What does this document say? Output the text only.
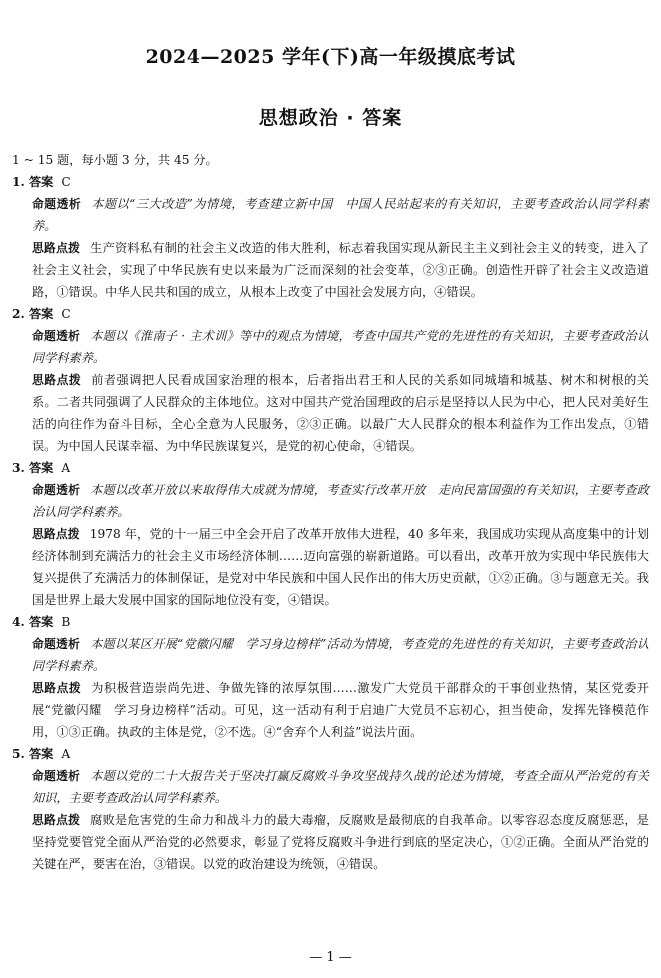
2024—2025 学年(下)高一年级摸底考试
思想政治 · 答案

1 ~ 15 题，每小题 3 分，共 45 分。

1. 答案 C

命题透析 本题以“三大改造”为情境，考查建立新中国　中国人民站起来的有关知识，主要考查政治认同学科素养。

思路点拨 生产资料私有制的社会主义改造的伟大胜利，标志着我国实现从新民主主义到社会主义的转变，进入了社会主义社会，实现了中华民族有史以来最为广泛而深刻的社会变革，②③正确。创造性开辟了社会主义改造道路，①错误。中华人民共和国的成立，从根本上改变了中国社会发展方向，④错误。

2. 答案 C

命题透析 本题以《淮南子 · 主术训》等中的观点为情境，考查中国共产党的先进性的有关知识，主要考查政治认同学科素养。

思路点拨 前者强调把人民看成国家治理的根本，后者指出君王和人民的关系如同城墙和城基、树木和树根的关系。二者共同强调了人民群众的主体地位。这对中国共产党治国理政的启示是坚持以人民为中心，把人民对美好生活的向往作为奋斗目标，全心全意为人民服务，②③正确。以最广大人民群众的根本利益作为工作出发点，①错误。为中国人民谋幸福、为中华民族谋复兴，是党的初心使命，④错误。

3. 答案 A

命题透析 本题以改革开放以来取得伟大成就为情境，考查实行改革开放　走向民富国强的有关知识，主要考查政治认同学科素养。

思路点拨 1978 年，党的十一届三中全会开启了改革开放伟大进程，40 多年来，我国成功实现从高度集中的计划经济体制到充满活力的社会主义市场经济体制……迈向富强的崭新道路。可以看出，改革开放为实现中华民族伟大复兴提供了充满活力的体制保证，是党对中华民族和中国人民作出的伟大历史贡献，①②正确。③与题意无关。我国是世界上最大发展中国家的国际地位没有变，④错误。

4. 答案 B

命题透析 本题以某区开展“党徽闪耀　学习身边榜样”活动为情境，考查党的先进性的有关知识，主要考查政治认同学科素养。

思路点拨 为积极营造崇尚先进、争做先锋的浓厚氛围……激发广大党员干部群众的干事创业热情，某区党委开展“党徽闪耀　学习身边榜样”活动。可见，这一活动有利于启迪广大党员不忘初心，担当使命，发挥先锋模范作用，①③正确。执政的主体是党，②不选。④“舍弃个人利益”说法片面。

5. 答案 A

命题透析 本题以党的二十大报告关于坚决打赢反腐败斗争攻坚战持久战的论述为情境，考查全面从严治党的有关知识，主要考查政治认同学科素养。

思路点拨 腐败是危害党的生命力和战斗力的最大毒瘤，反腐败是最彻底的自我革命。以零容忍态度反腐惩恶，是坚持党要管党全面从严治党的必然要求，彰显了党将反腐败斗争进行到底的坚定决心，①②正确。全面从严治党的关键在严，要害在治，③错误。以党的政治建设为统领，④错误。

— 1 —
